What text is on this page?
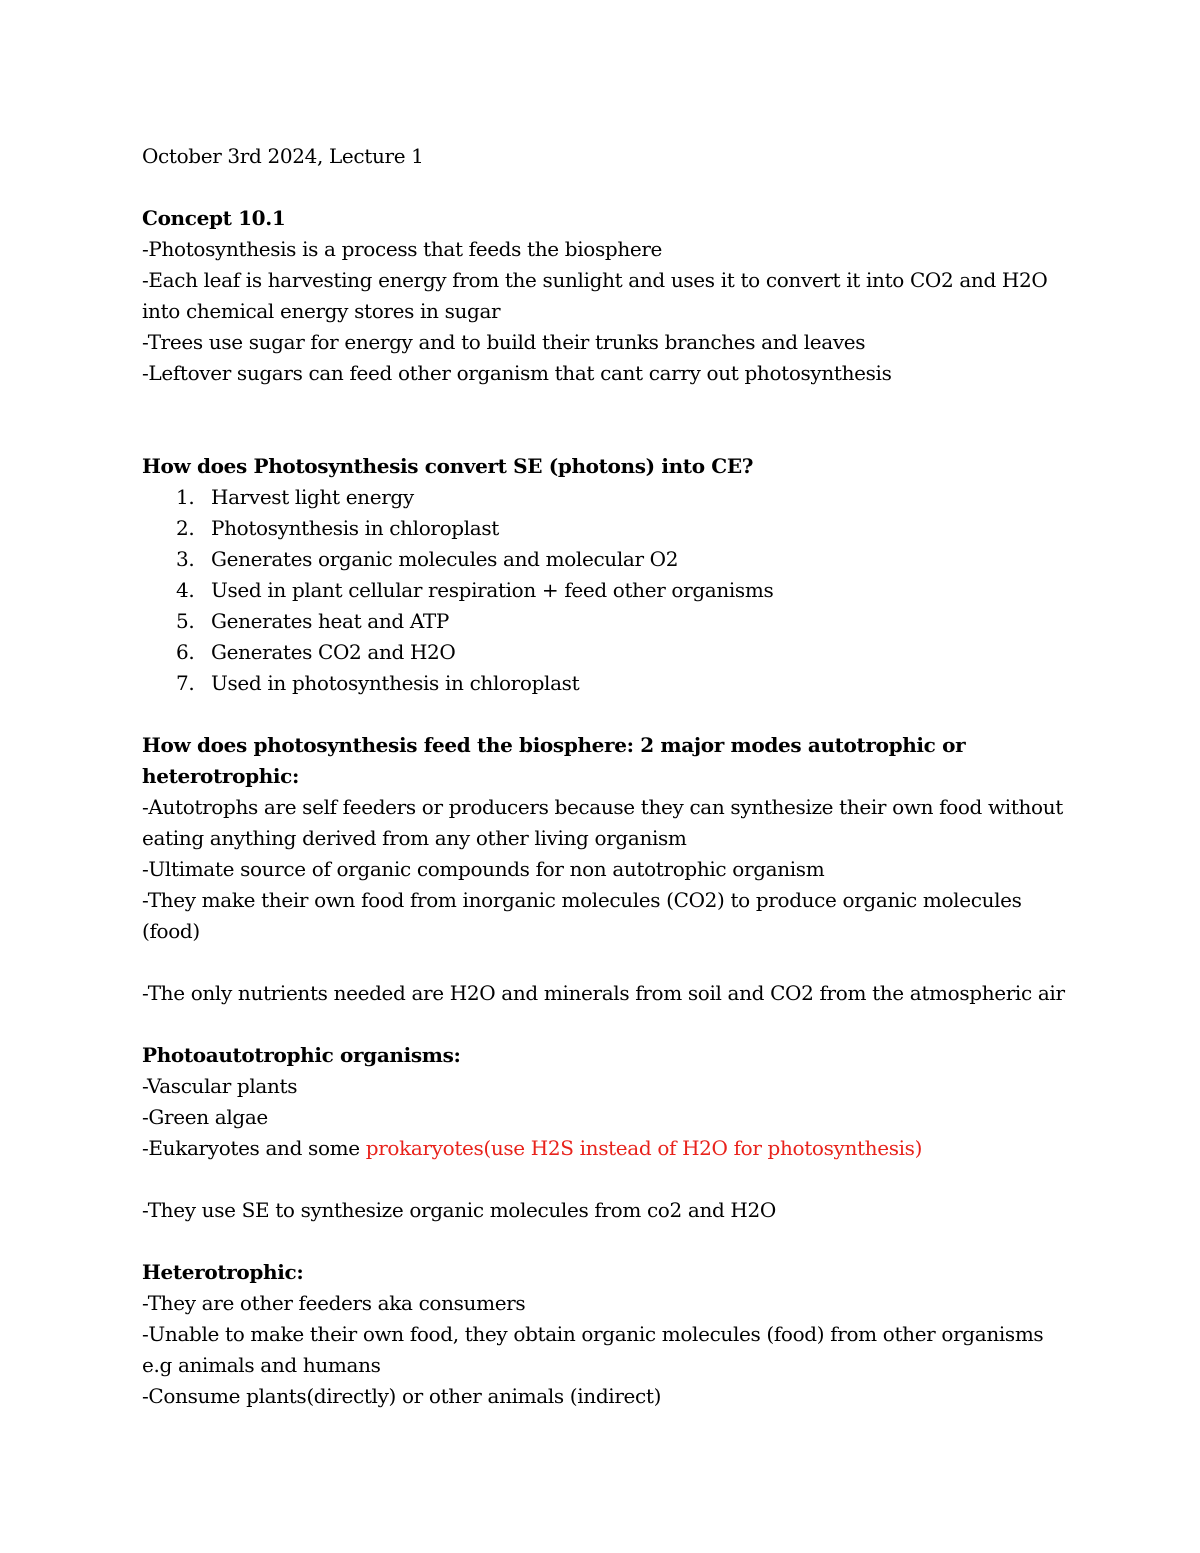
October 3rd 2024, Lecture 1

Concept 10.1

-Photosynthesis is a process that feeds the biosphere

-Each leaf is harvesting energy from the sunlight and uses it to convert it into CO2 and H2O into chemical energy stores in sugar

-Trees use sugar for energy and to build their trunks branches and leaves

-Leftover sugars can feed other organism that cant carry out photosynthesis

How does Photosynthesis convert SE (photons) into CE?

1. Harvest light energy
2. Photosynthesis in chloroplast
3. Generates organic molecules and molecular O2
4. Used in plant cellular respiration + feed other organisms
5. Generates heat and ATP
6. Generates CO2 and H2O
7. Used in photosynthesis in chloroplast

How does photosynthesis feed the biosphere: 2 major modes autotrophic or heterotrophic:

-Autotrophs are self feeders or producers because they can synthesize their own food without eating anything derived from any other living organism

-Ultimate source of organic compounds for non autotrophic organism

-They make their own food from inorganic molecules (CO2) to produce organic molecules (food)

-The only nutrients needed are H2O and minerals from soil and CO2 from the atmospheric air

Photoautotrophic organisms:

-Vascular plants

-Green algae

-Eukaryotes and some prokaryotes(use H2S instead of H2O for photosynthesis)

-They use SE to synthesize organic molecules from co2 and H2O

Heterotrophic:

-They are other feeders aka consumers

-Unable to make their own food, they obtain organic molecules (food) from other organisms e.g animals and humans

-Consume plants(directly) or other animals (indirect)
